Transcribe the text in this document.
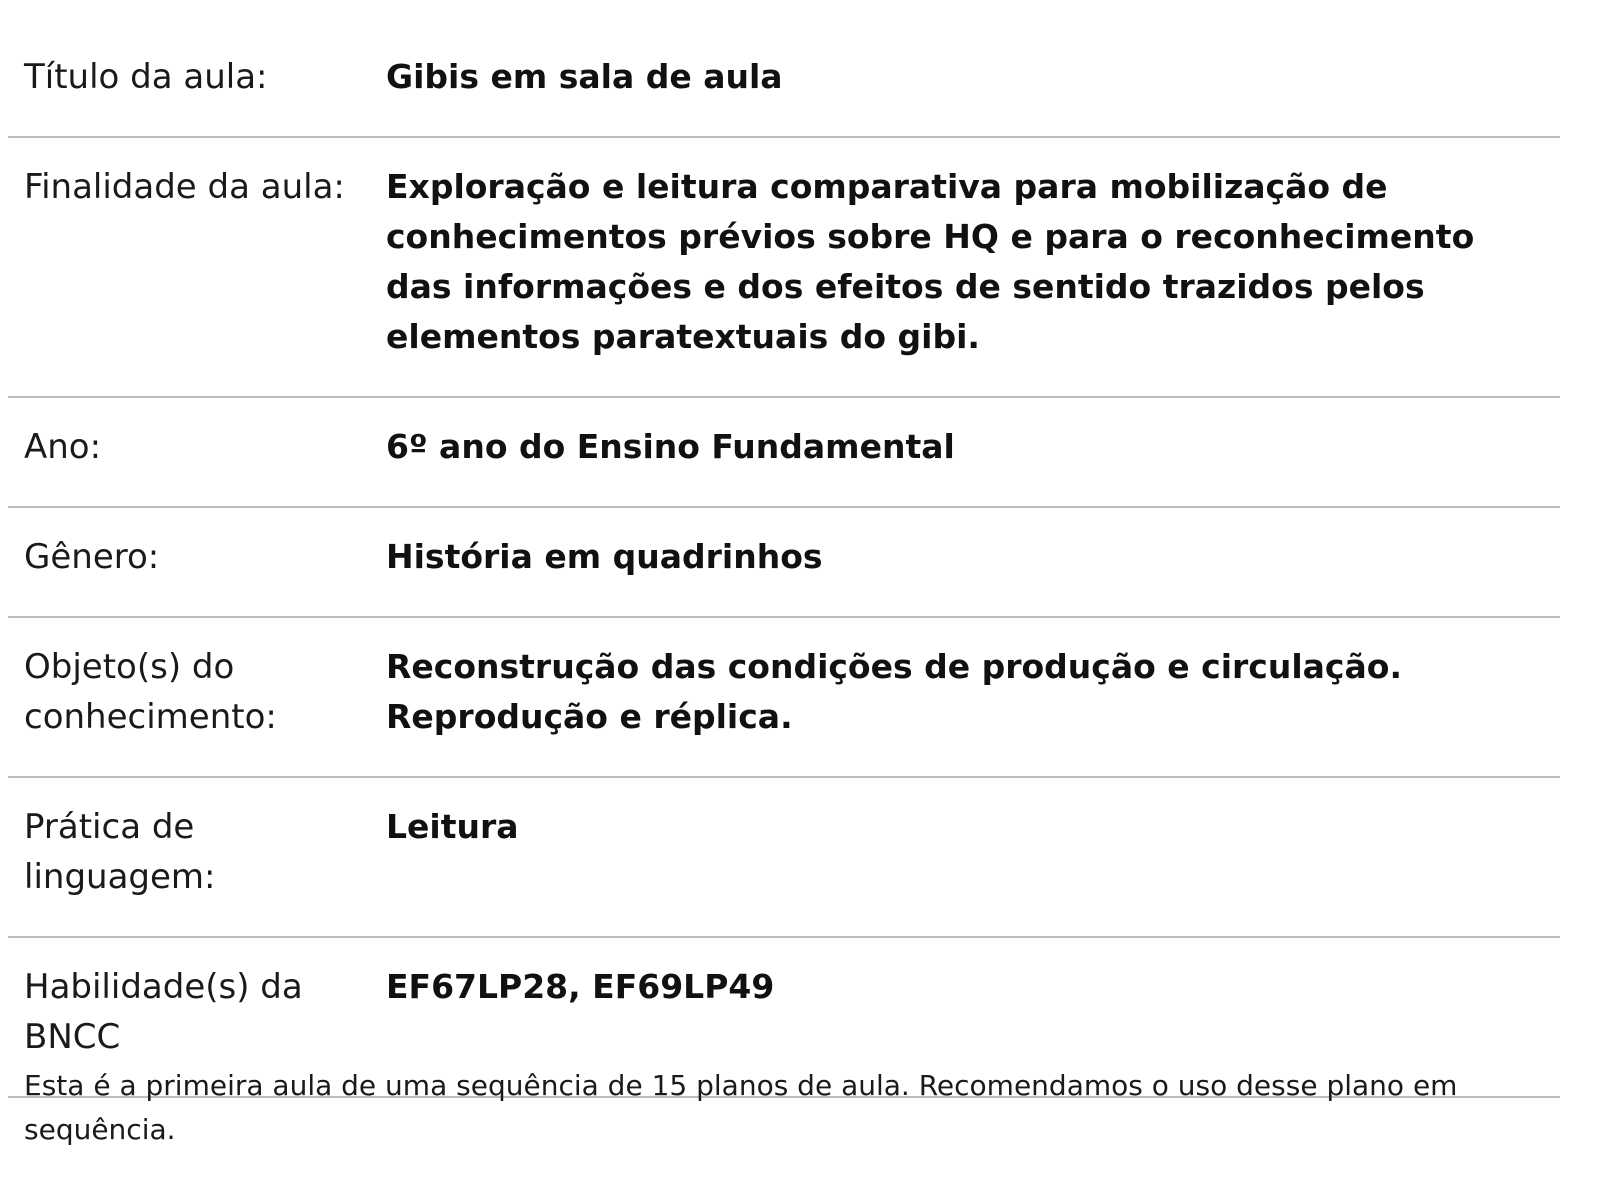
Título da aula:	Gibis em sala de aula

Finalidade da aula:	Exploração e leitura comparativa para mobilização de conhecimentos prévios sobre HQ e para o reconhecimento das informações e dos efeitos de sentido trazidos pelos elementos paratextuais do gibi.

Ano:	6º ano do Ensino Fundamental

Gênero:	História em quadrinhos

Objeto(s) do conhecimento:	Reconstrução das condições de produção e circulação.
Reprodução e réplica.

Prática de linguagem:	Leitura

Habilidade(s) da BNCC	EF67LP28, EF69LP49

Esta é a primeira aula de uma sequência de 15 planos de aula. Recomendamos o uso desse plano em sequência.
